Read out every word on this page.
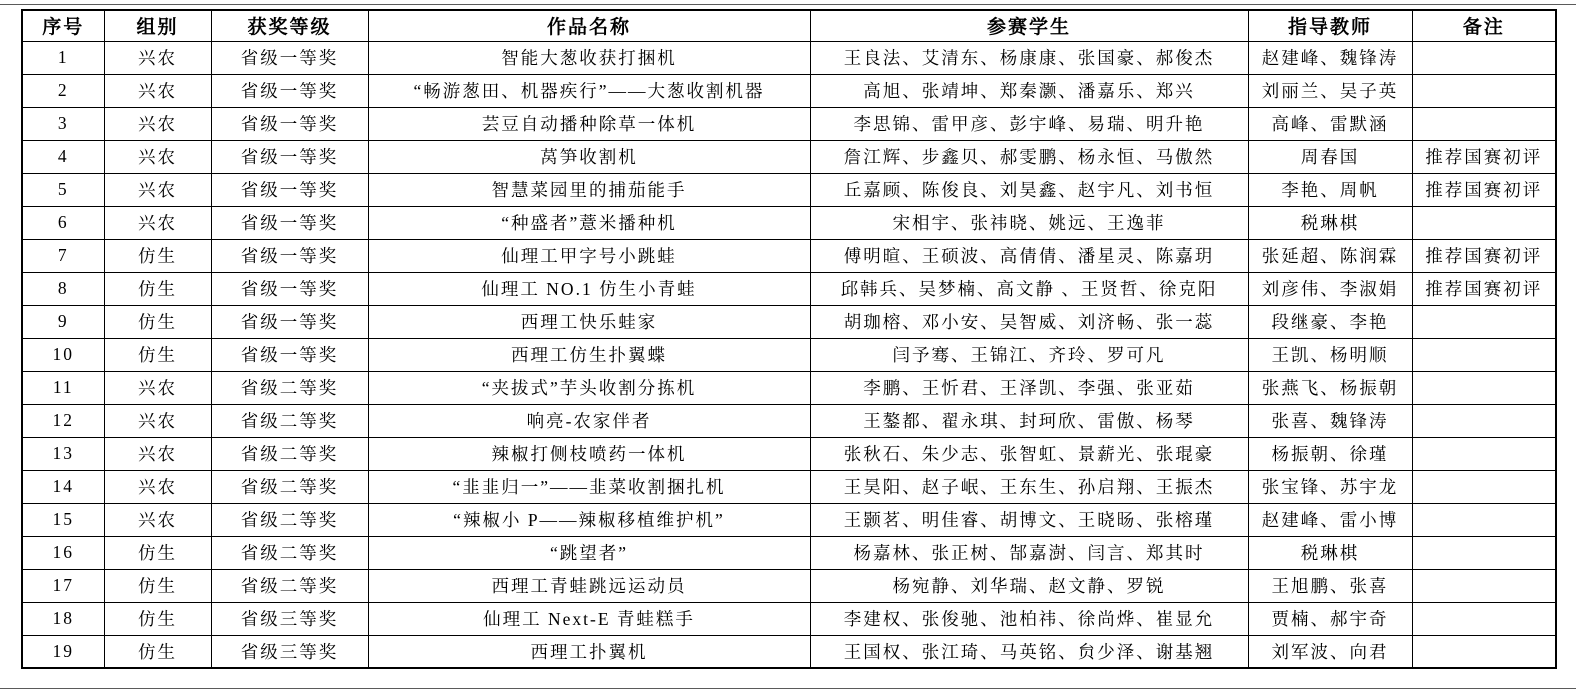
序号	组别	获奖等级	作品名称	参赛学生	指导教师	备注
1	兴农	省级一等奖	智能大葱收获打捆机	王良法、艾清东、杨康康、张国豪、郝俊杰	赵建峰、魏锋涛	
2	兴农	省级一等奖	“畅游葱田、机器疾行”——大葱收割机器	高旭、张靖坤、郑秦灏、潘嘉乐、郑兴	刘丽兰、吴子英	
3	兴农	省级一等奖	芸豆自动播种除草一体机	李思锦、雷甲彦、彭宇峰、易瑞、明升艳	高峰、雷默涵	
4	兴农	省级一等奖	莴笋收割机	詹江辉、步鑫贝、郝雯鹏、杨永恒、马傲然	周春国	推荐国赛初评
5	兴农	省级一等奖	智慧菜园里的捕茄能手	丘嘉顾、陈俊良、刘昊鑫、赵宇凡、刘书恒	李艳、周帆	推荐国赛初评
6	兴农	省级一等奖	“种盛者”薏米播种机	宋相宇、张祎晓、姚远、王逸菲	税琳棋	
7	仿生	省级一等奖	仙理工甲字号小跳蛙	傅明暄、王硕波、高倩倩、潘星灵、陈嘉玥	张延超、陈润霖	推荐国赛初评
8	仿生	省级一等奖	仙理工 NO.1 仿生小青蛙	邱韩兵、吴梦楠、高文静 、王贤哲、徐克阳	刘彦伟、李淑娟	推荐国赛初评
9	仿生	省级一等奖	西理工快乐蛙家	胡珈榕、邓小安、吴智威、刘济畅、张一蕊	段继豪、李艳	
10	仿生	省级一等奖	西理工仿生扑翼蝶	闫予骞、王锦江、齐玲、罗可凡	王凯、杨明顺	
11	兴农	省级二等奖	“夹拔式”芋头收割分拣机	李鹏、王忻君、王泽凯、李强、张亚茹	张燕飞、杨振朝	
12	兴农	省级二等奖	响亮-农家伴者	王鏊都、翟永琪、封珂欣、雷傲、杨琴	张喜、魏锋涛	
13	兴农	省级二等奖	辣椒打侧枝喷药一体机	张秋石、朱少志、张智虹、景薪光、张琨豪	杨振朝、徐瑾	
14	兴农	省级二等奖	“韭韭归一”——韭菜收割捆扎机	王昊阳、赵子岷、王东生、孙启翔、王振杰	张宝锋、苏宇龙	
15	兴农	省级二等奖	“辣椒小 P——辣椒移植维护机”	王颢茗、明佳睿、胡博文、王晓旸、张榕瑾	赵建峰、雷小博	
16	仿生	省级二等奖	“跳望者”	杨嘉林、张正树、郜嘉澍、闫言、郑其时	税琳棋	
17	仿生	省级二等奖	西理工青蛙跳远运动员	杨宛静、刘华瑞、赵文静、罗锐	王旭鹏、张喜	
18	仿生	省级三等奖	仙理工 Next-E 青蛙糕手	李建权、张俊驰、池柏祎、徐尚烨、崔显允	贾楠、郝宇奇	
19	仿生	省级三等奖	西理工扑翼机	王国权、张江琦、马英铭、贠少泽、谢基翘	刘军波、向君	
